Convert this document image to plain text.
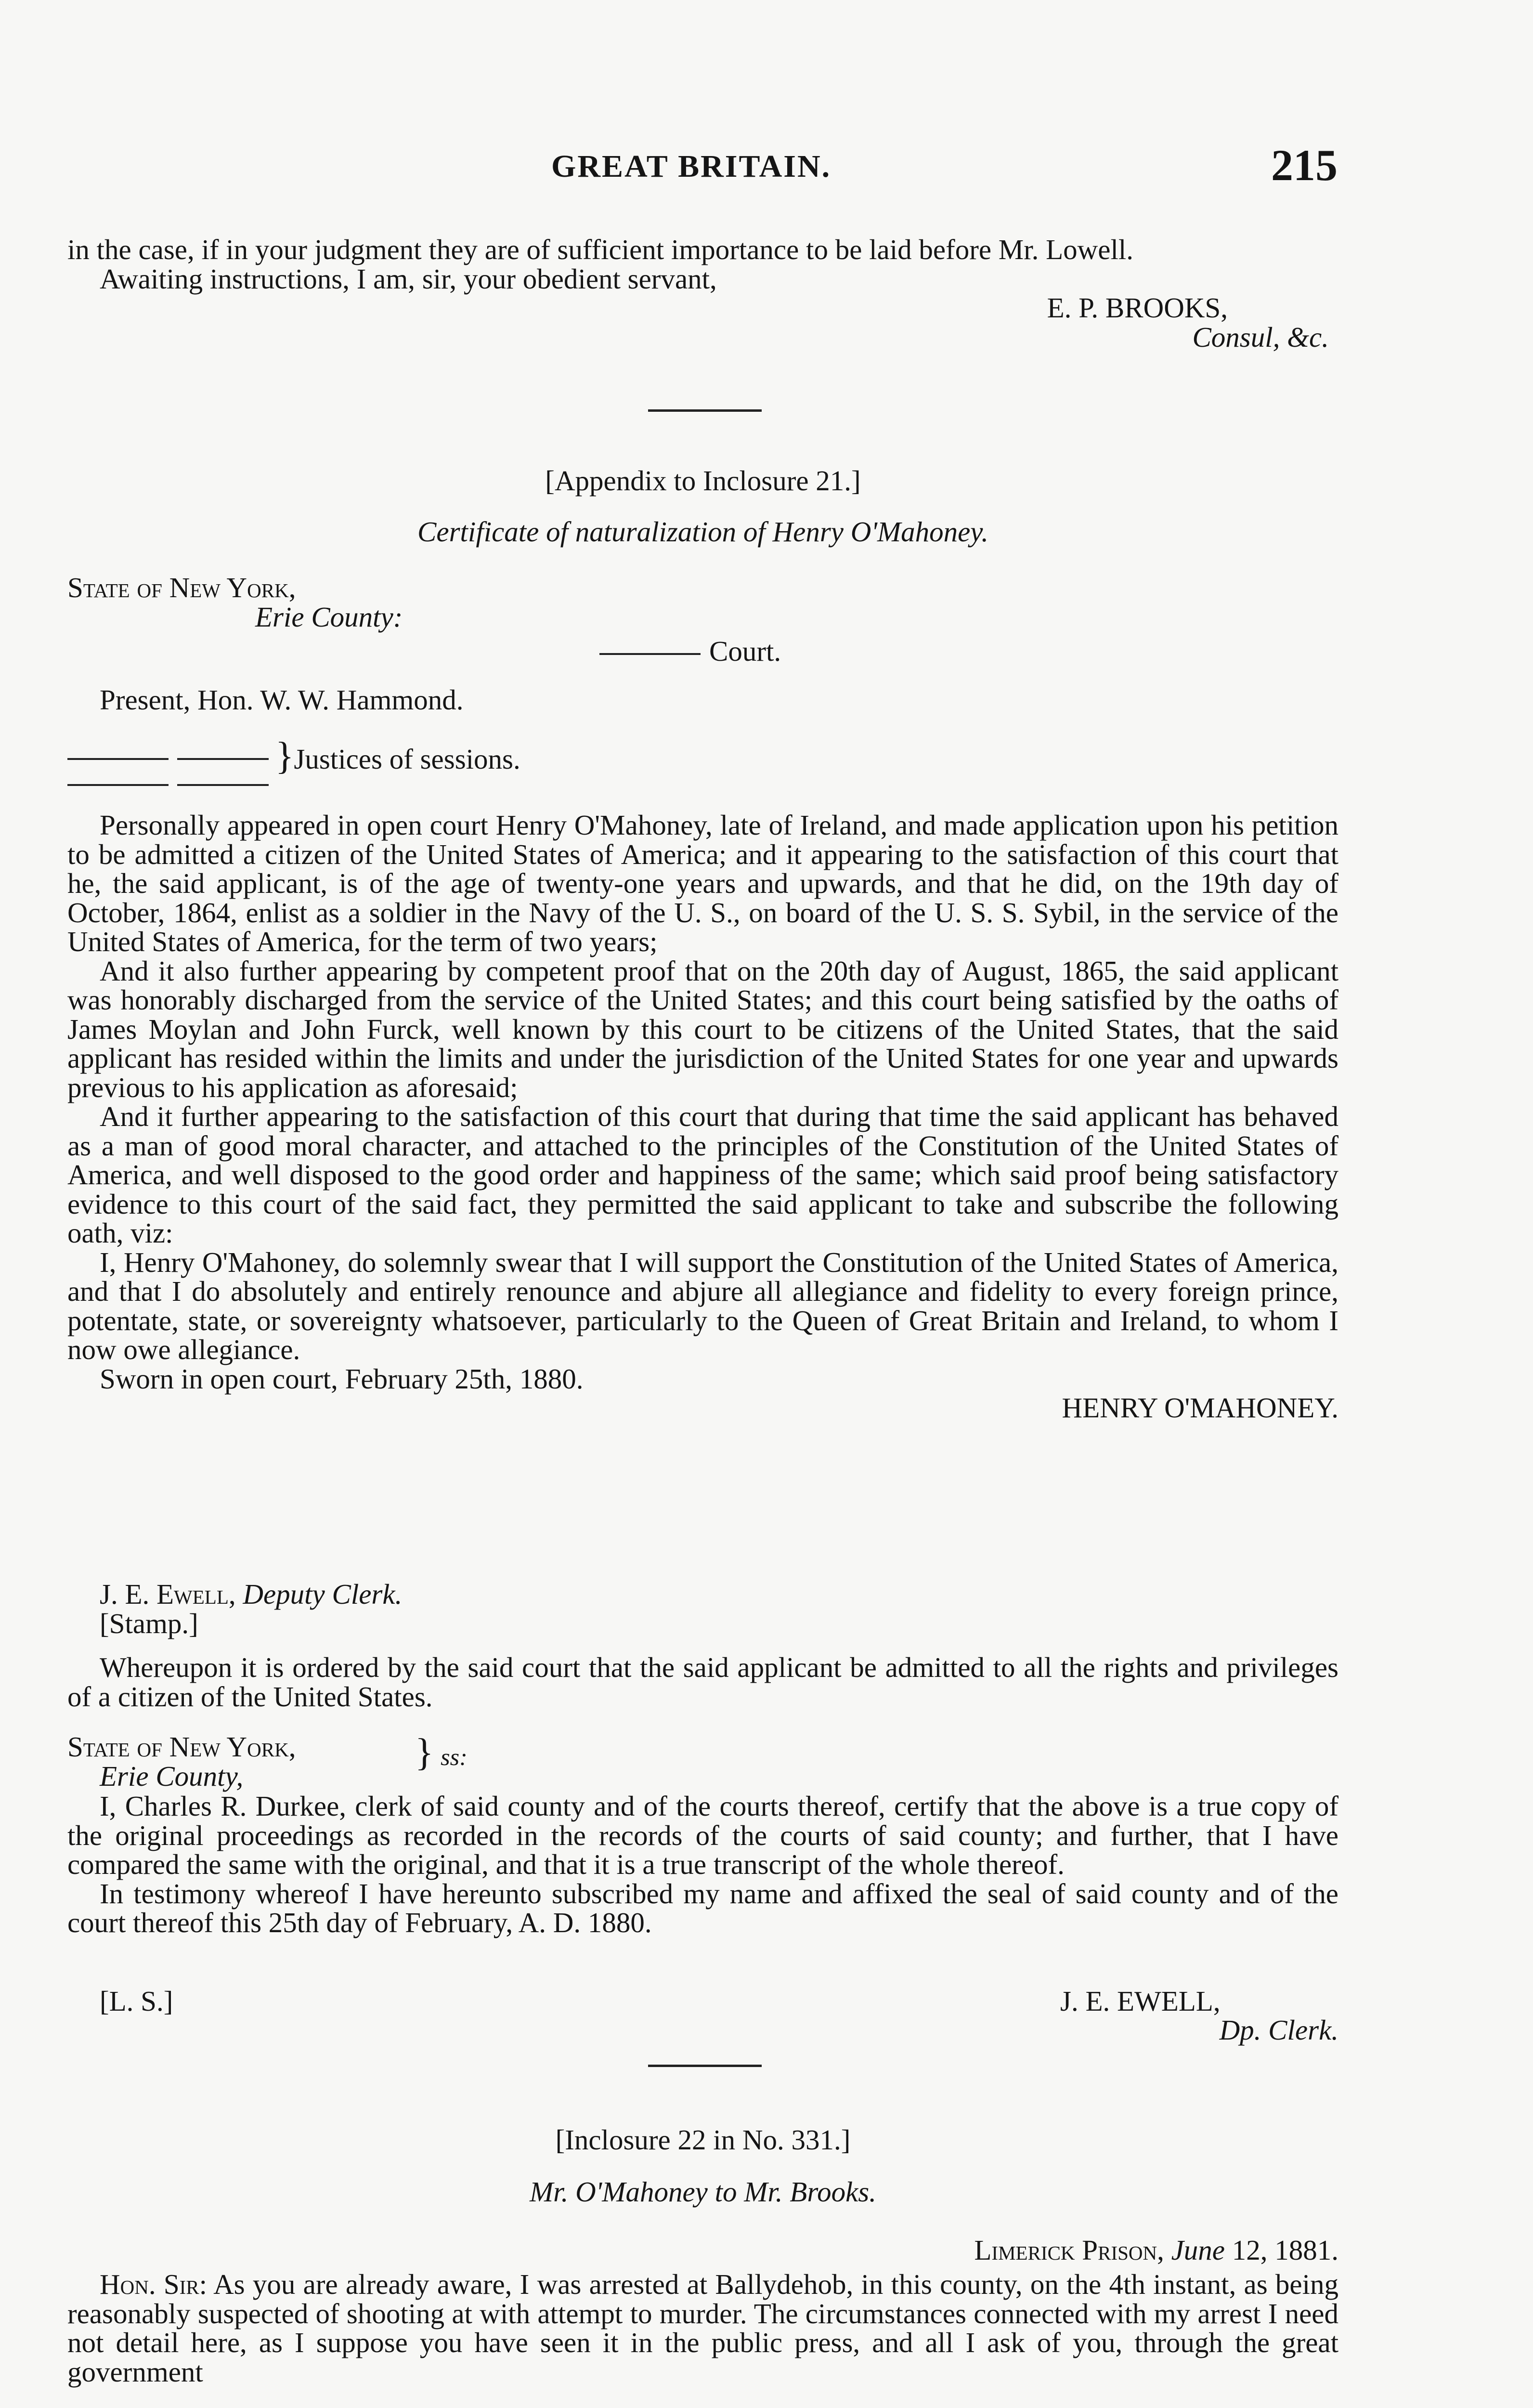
GREAT BRITAIN.	215

in the case, if in your judgment they are of sufficient importance to be laid before Mr. Lowell.

Awaiting instructions, I am, sir, your obedient servant,

E. P. BROOKS,

Consul, &c.

[Appendix to Inclosure 21.]
Certificate of naturalization of Henry O'Mahoney.
State of New York,
Erie County:
Court.
Present, Hon. W. W. Hammond.
}Justices of sessions.

Personally appeared in open court Henry O'Mahoney, late of Ireland, and made application upon his petition to be admitted a citizen of the United States of America; and it appearing to the satisfaction of this court that he, the said applicant, is of the age of twenty-one years and upwards, and that he did, on the 19th day of October, 1864, enlist as a soldier in the Navy of the U. S., on board of the U. S. S. Sybil, in the service of the United States of America, for the term of two years;

And it also further appearing by competent proof that on the 20th day of August, 1865, the said applicant was honorably discharged from the service of the United States; and this court being satisfied by the oaths of James Moylan and John Furck, well known by this court to be citizens of the United States, that the said applicant has resided within the limits and under the jurisdiction of the United States for one year and upwards previous to his application as aforesaid;

And it further appearing to the satisfaction of this court that during that time the said applicant has behaved as a man of good moral character, and attached to the principles of the Constitution of the United States of America, and well disposed to the good order and happiness of the same; which said proof being satisfactory evidence to this court of the said fact, they permitted the said applicant to take and subscribe the following oath, viz:

I, Henry O'Mahoney, do solemnly swear that I will support the Constitution of the United States of America, and that I do absolutely and entirely renounce and abjure all allegiance and fidelity to every foreign prince, potentate, state, or sovereignty whatsoever, particularly to the Queen of Great Britain and Ireland, to whom I now owe allegiance.

Sworn in open court, February 25th, 1880.

HENRY O'MAHONEY.

J. E. Ewell, Deputy Clerk.
[Stamp.]

Whereupon it is ordered by the said court that the said applicant be admitted to all the rights and privileges of a citizen of the United States.

State of New York,
Erie County,
} ss:

I, Charles R. Durkee, clerk of said county and of the courts thereof, certify that the above is a true copy of the original proceedings as recorded in the records of the courts of said county; and further, that I have compared the same with the original, and that it is a true transcript of the whole thereof.

In testimony whereof I have hereunto subscribed my name and affixed the seal of said county and of the court thereof this 25th day of February, A. D. 1880.

[L. S.]	J. E. EWELL,
Dp. Clerk.
[Inclosure 22 in No. 331.]
Mr. O'Mahoney to Mr. Brooks.
Limerick Prison, June 12, 1881.

Hon. Sir: As you are already aware, I was arrested at Ballydehob, in this county, on the 4th instant, as being reasonably suspected of shooting at with attempt to murder. The circumstances connected with my arrest I need not detail here, as I suppose you have seen it in the public press, and all I ask of you, through the great government
